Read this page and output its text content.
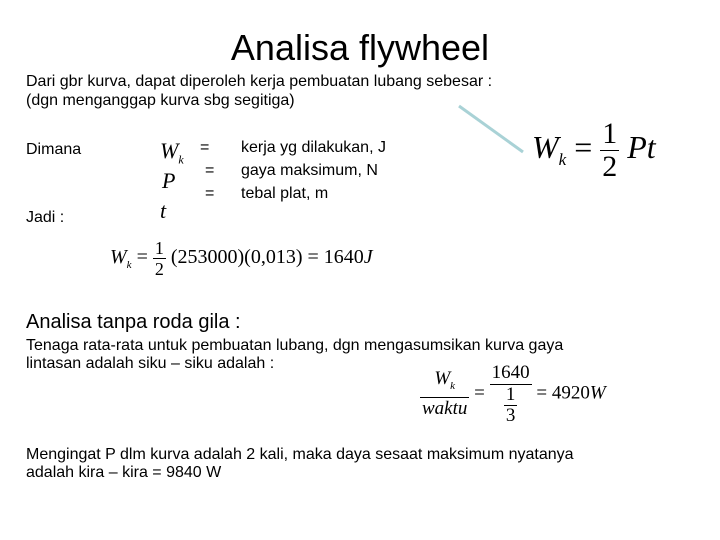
Analisa flywheel
Dari gbr kurva, dapat diperoleh kerja pembuatan lubang sebesar :
(dgn menganggap kurva sbg segitiga)
Dimana
Jadi :
$W_k$
P
t
=
=
=
kerja yg dilakukan, J
gaya maksimum, N
tebal plat, m
$W_k = \frac{1}{2}$ Pt
$W_k = \frac{1}{2} (253000)(0,013) = 1640J$
Analisa tanpa roda gila :
Tenaga rata-rata untuk pembuatan lubang, dgn mengasumsikan kurva gaya
lintasan adalah siku – siku adalah :
$\frac{W_k}{\text{waktu}} = \frac{1640}{\frac{1}{3}} = 4920W$
Mengingat P dlm kurva adalah 2 kali, maka daya sesaat maksimum nyatanya
adalah kira – kira = 9840 W
